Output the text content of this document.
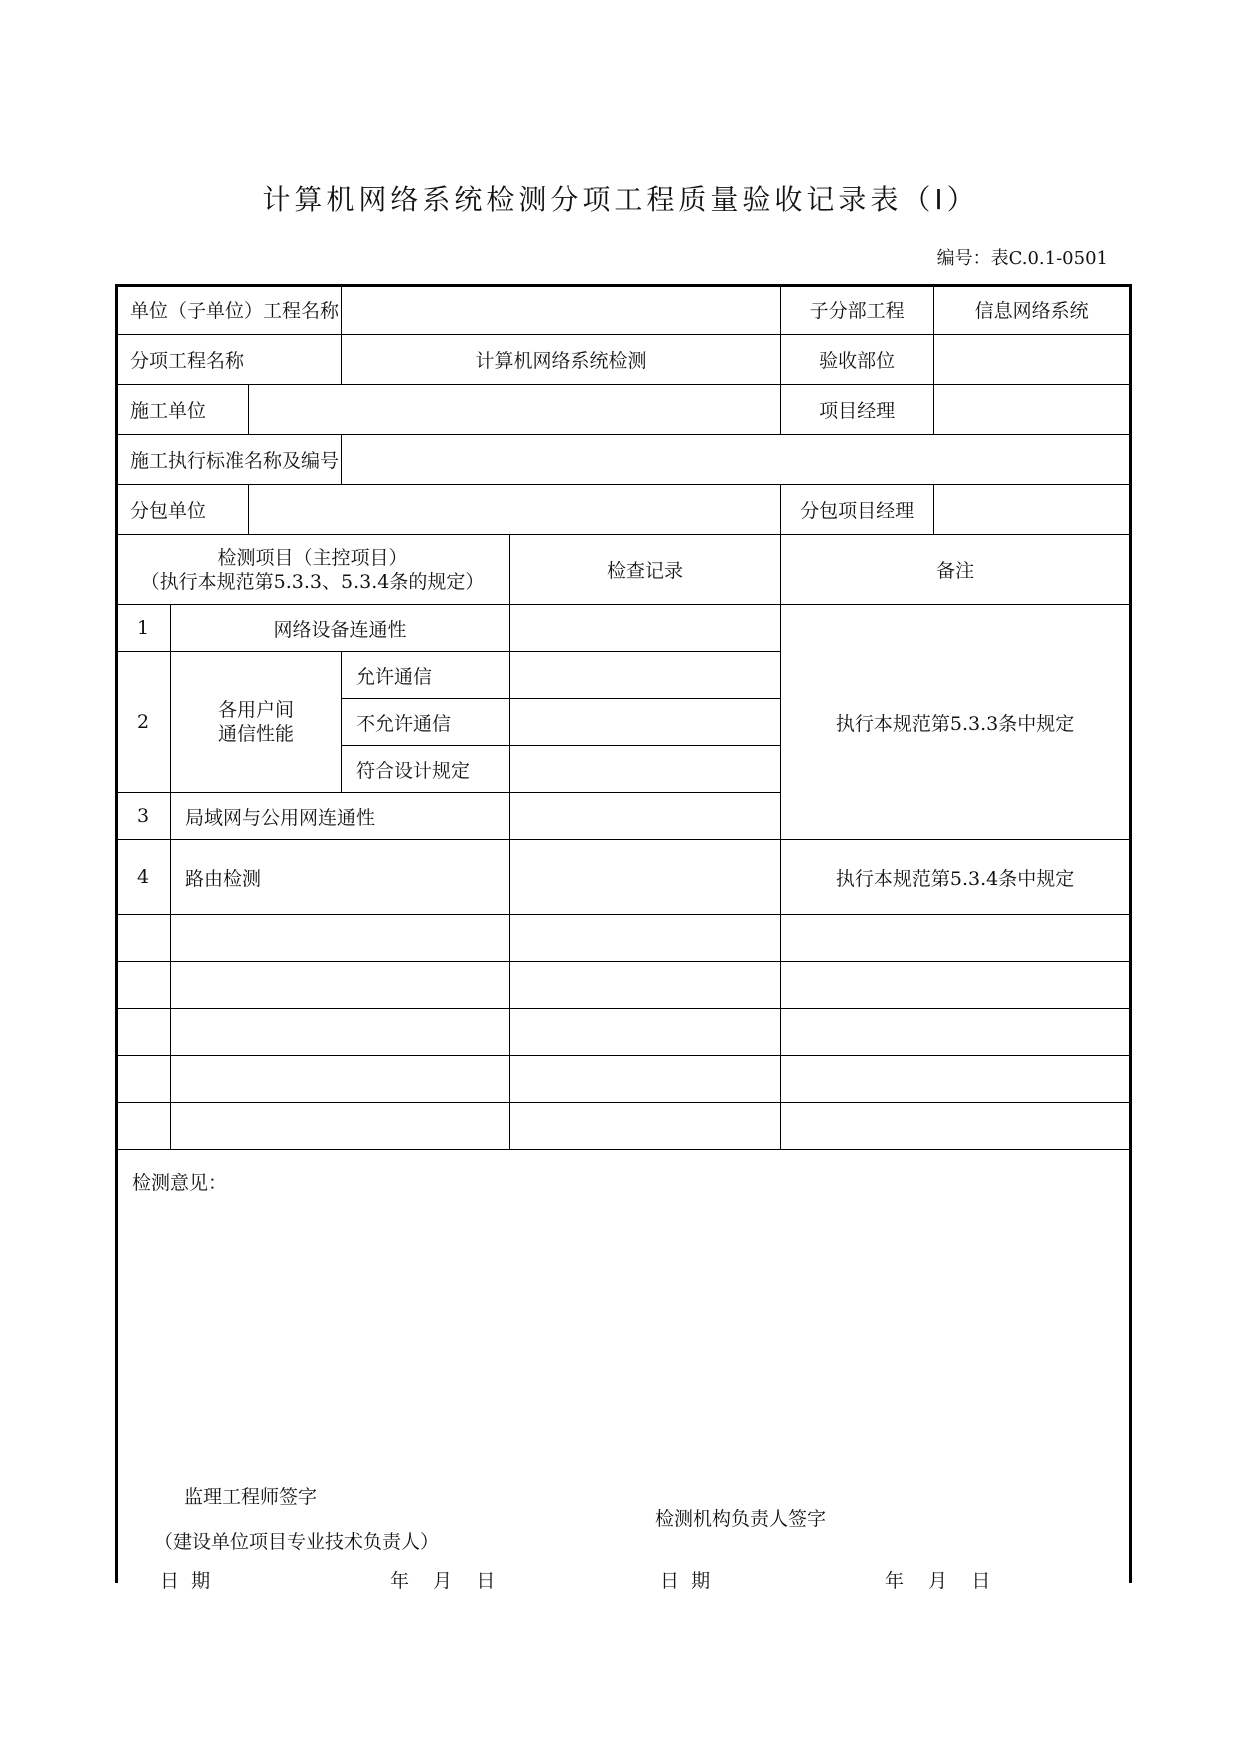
计算机网络系统检测分项工程质量验收记录表（Ⅰ）
编号：表C.0.1-0501
单位（子单位）工程名称					子分部工程	信息网络系统
分项工程名称			计算机网络系统检测		验收部位	
施工单位					项目经理	
施工执行标准名称及编号						
分包单位					分包项目经理	

检测项目（主控项目）
（执行本规范第5.3.3、5.3.4条的规定）				检查记录	备注	
1	网络设备连通性				执行本规范第5.3.3条中规定	
2	各用户间
通信性能		允许通信			
			不允许通信			
			符合设计规定			
3	局域网与公用网连通性					
4	路由检测				执行本规范第5.3.4条中规定	

检测意见：
监理工程师签字
（建设单位项目专业技术负责人）
检测机构负责人签字
日  期	年    月    日	日  期	年    月    日
